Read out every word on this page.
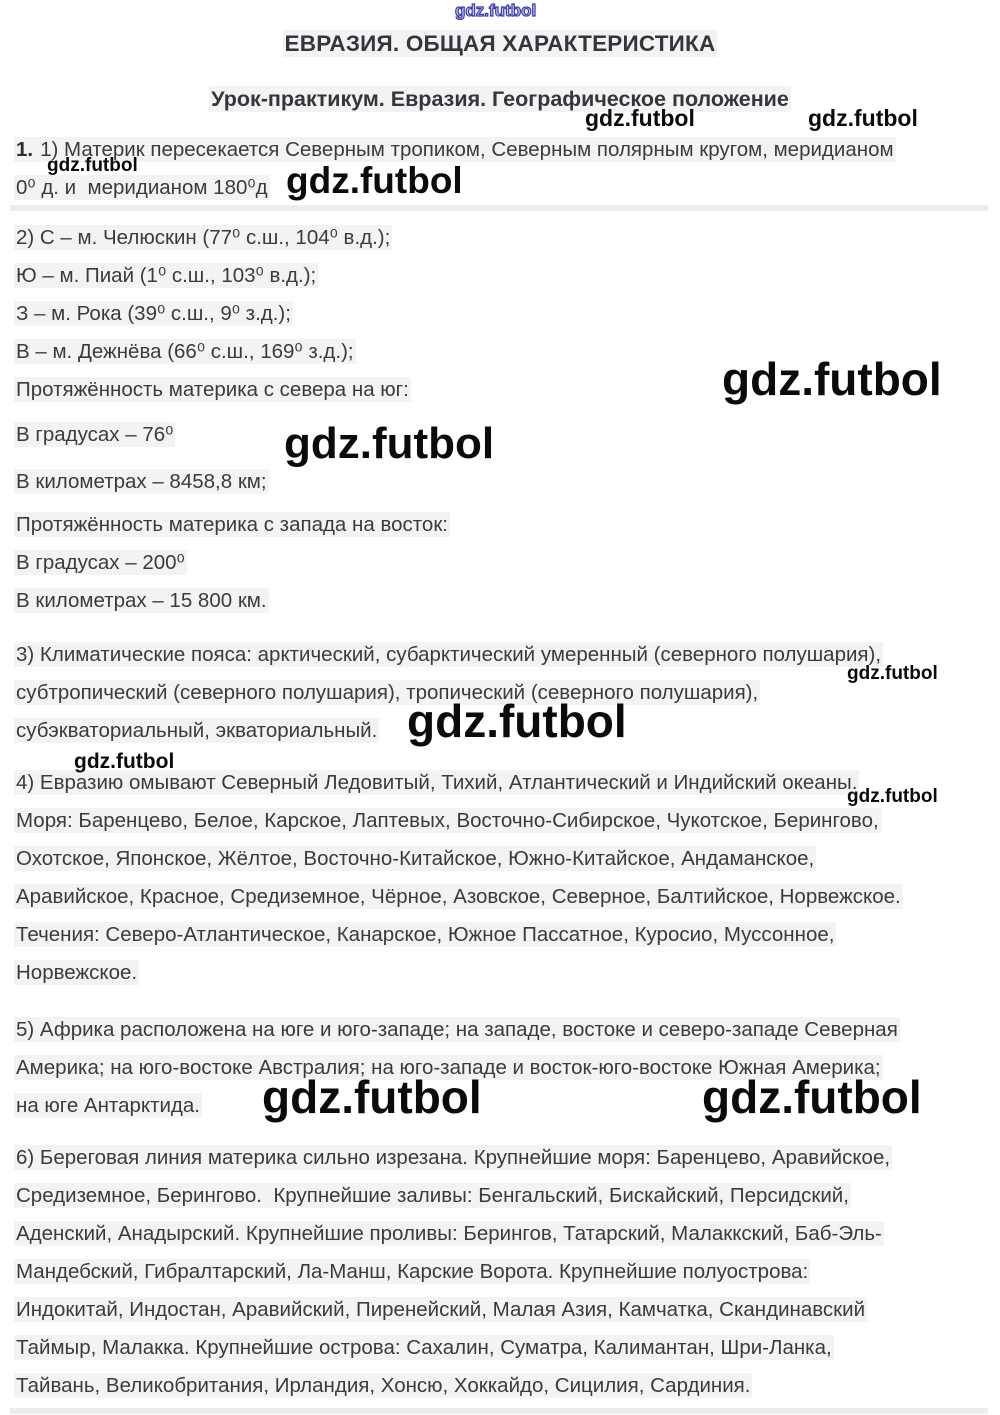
gdz.futbol
gdz.futbol	gdz.futbol
gdz.futbol	gdz.futbol
gdz.futbol
gdz.futbol
gdz.futbol
gdz.futbol
gdz.futbol
gdz.futbol
gdz.futbol	gdz.futbol
ЕВРАЗИЯ. ОБЩАЯ ХАРАКТЕРИСТИКА
Урок-практикум. Евразия. Географическое положение
1. 1) Материк пересекается Северным тропиком, Северным полярным кругом, меридианом
0⁰ д. и  меридианом 180⁰д
2) С – м. Челюскин (77⁰ с.ш., 104⁰ в.д.);
Ю – м. Пиай (1⁰ с.ш., 103⁰ в.д.);
З – м. Рока (39⁰ с.ш., 9⁰ з.д.);
В – м. Дежнёва (66⁰ с.ш., 169⁰ з.д.);
Протяжённость материка с севера на юг:
В градусах – 76⁰
В километрах – 8458,8 км;
Протяжённость материка с запада на восток:
В градусах – 200⁰
В километрах – 15 800 км.
3) Климатические пояса: арктический, субарктический умеренный (северного полушария),
субтропический (северного полушария), тропический (северного полушария),
субэкваториальный, экваториальный.
4) Евразию омывают Северный Ледовитый, Тихий, Атлантический и Индийский океаны.
Моря: Баренцево, Белое, Карское, Лаптевых, Восточно-Сибирское, Чукотское, Берингово,
Охотское, Японское, Жёлтое, Восточно-Китайское, Южно-Китайское, Андаманское,
Аравийское, Красное, Средиземное, Чёрное, Азовское, Северное, Балтийское, Норвежское.
Течения: Северо-Атлантическое, Канарское, Южное Пассатное, Куросио, Муссонное,
Норвежское.
5) Африка расположена на юге и юго-западе; на западе, востоке и северо-западе Северная
Америка; на юго-востоке Австралия; на юго-западе и восток-юго-востоке Южная Америка;
на юге Антарктида.
6) Береговая линия материка сильно изрезана. Крупнейшие моря: Баренцево, Аравийское,
Средиземное, Берингово.  Крупнейшие заливы: Бенгальский, Бискайский, Персидский,
Аденский, Анадырский. Крупнейшие проливы: Берингов, Татарский, Малаккский, Баб-Эль-
Мандебский, Гибралтарский, Ла-Манш, Карские Ворота. Крупнейшие полуострова:
Индокитай, Индостан, Аравийский, Пиренейский, Малая Азия, Камчатка, Скандинавский
Таймыр, Малакка. Крупнейшие острова: Сахалин, Суматра, Калимантан, Шри-Ланка,
Тайвань, Великобритания, Ирландия, Хонсю, Хоккайдо, Сицилия, Сардиния.
